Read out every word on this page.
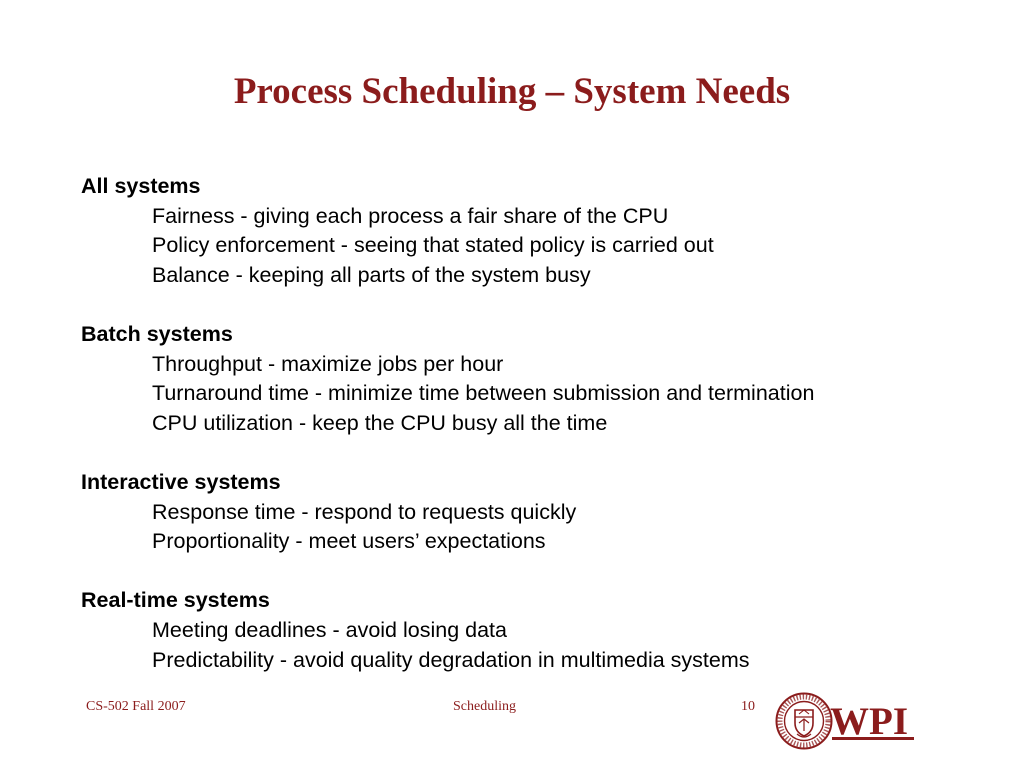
Process Scheduling – System Needs
All systems
Fairness - giving each process a fair share of the CPU
Policy enforcement - seeing that stated policy is carried out
Balance - keeping all parts of the system busy
Batch systems
Throughput - maximize jobs per hour
Turnaround time - minimize time between submission and termination
CPU utilization - keep the CPU busy all the time
Interactive systems
Response time - respond to requests quickly
Proportionality - meet users’ expectations
Real-time systems
Meeting deadlines - avoid losing data
Predictability - avoid quality degradation in multimedia systems
CS-502 Fall 2007	Scheduling	10 WPI
